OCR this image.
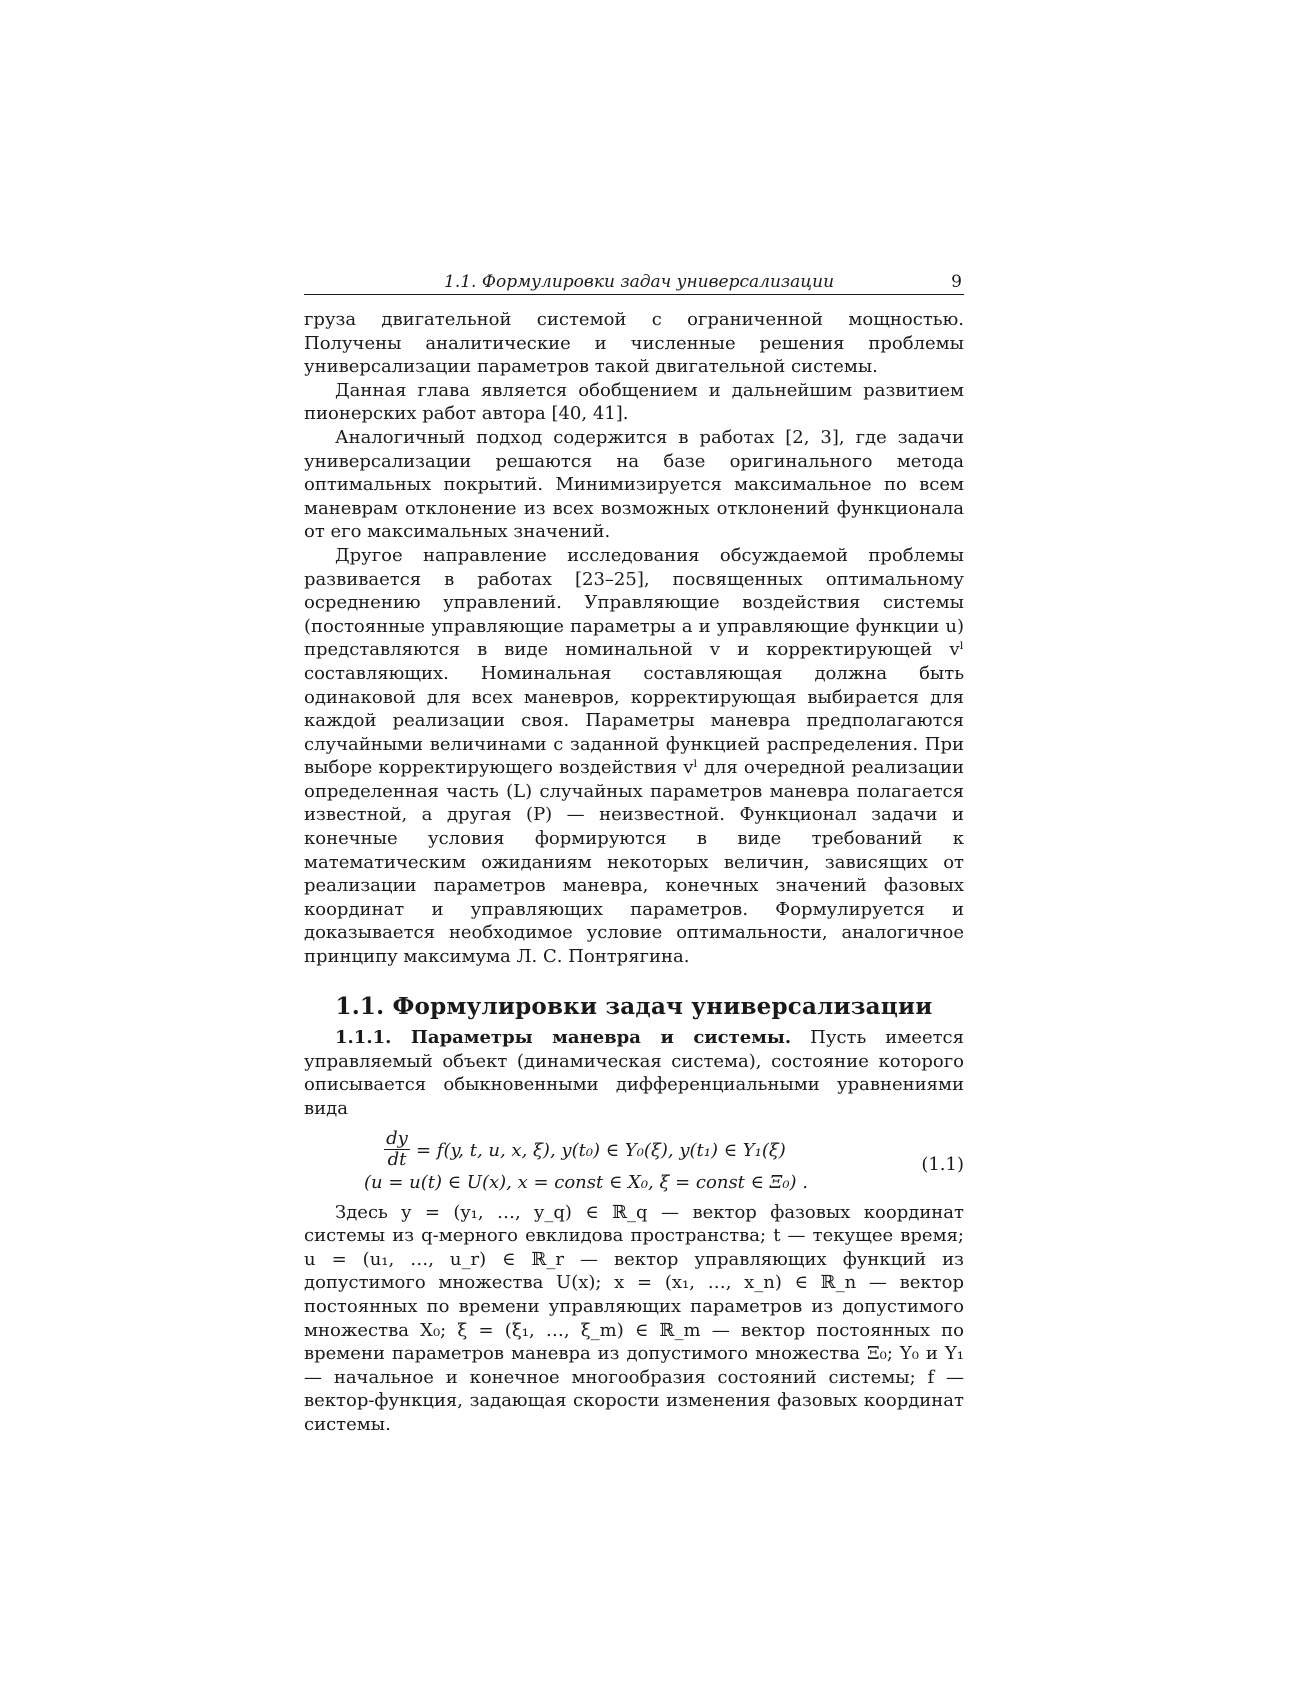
1.1. Формулировки задач универсализации	9

груза двигательной системой с ограниченной мощностью. Получены аналитические и численные решения проблемы универсализации параметров такой двигательной системы.

Данная глава является обобщением и дальнейшим развитием пионерских работ автора [40, 41].

Аналогичный подход содержится в работах [2, 3], где задачи универсализации решаются на базе оригинального метода оптимальных покрытий. Минимизируется максимальное по всем маневрам отклонение из всех возможных отклонений функционала от его максимальных значений.

Другое направление исследования обсуждаемой проблемы развивается в работах [23–25], посвященных оптимальному осреднению управлений. Управляющие воздействия системы (постоянные управляющие параметры a и управляющие функции u) представляются в виде номинальной v и корректирующей vˡ составляющих. Номинальная составляющая должна быть одинаковой для всех маневров, корректирующая выбирается для каждой реализации своя. Параметры маневра предполагаются случайными величинами с заданной функцией распределения. При выборе корректирующего воздействия vˡ для очередной реализации определенная часть (L) случайных параметров маневра полагается известной, а другая (P) — неизвестной. Функционал задачи и конечные условия формируются в виде требований к математическим ожиданиям некоторых величин, зависящих от реализации параметров маневра, конечных значений фазовых координат и управляющих параметров. Формулируется и доказывается необходимое условие оптимальности, аналогичное принципу максимума Л. С. Понтрягина.

1.1. Формулировки задач универсализации

1.1.1. Параметры маневра и системы. Пусть имеется управляемый объект (динамическая система), состояние которого описывается обыкновенными дифференциальными уравнениями вида

$\frac{dy}{dt} = f(y$, t, u, x, ξ), y(t₀) ∈ Y₀(ξ), y(t₁) ∈ Y₁(ξ)
(u = u(t) ∈ U(x), x = const ∈ X₀, ξ = const ∈ Ξ₀) .
(1.1)

Здесь y = (y₁, …, y_q) ∈ ℝ_q — вектор фазовых координат системы из q-мерного евклидова пространства; t — текущее время; u = (u₁, …, u_r) ∈ ℝ_r — вектор управляющих функций из допустимого множества U(x); x = (x₁, …, x_n) ∈ ℝ_n — вектор постоянных по времени управляющих параметров из допустимого множества X₀; ξ = (ξ₁, …, ξ_m) ∈ ℝ_m — вектор постоянных по времени параметров маневра из допустимого множества Ξ₀; Y₀ и Y₁ — начальное и конечное многообразия состояний системы; f — вектор-функция, задающая скорости изменения фазовых координат системы.
